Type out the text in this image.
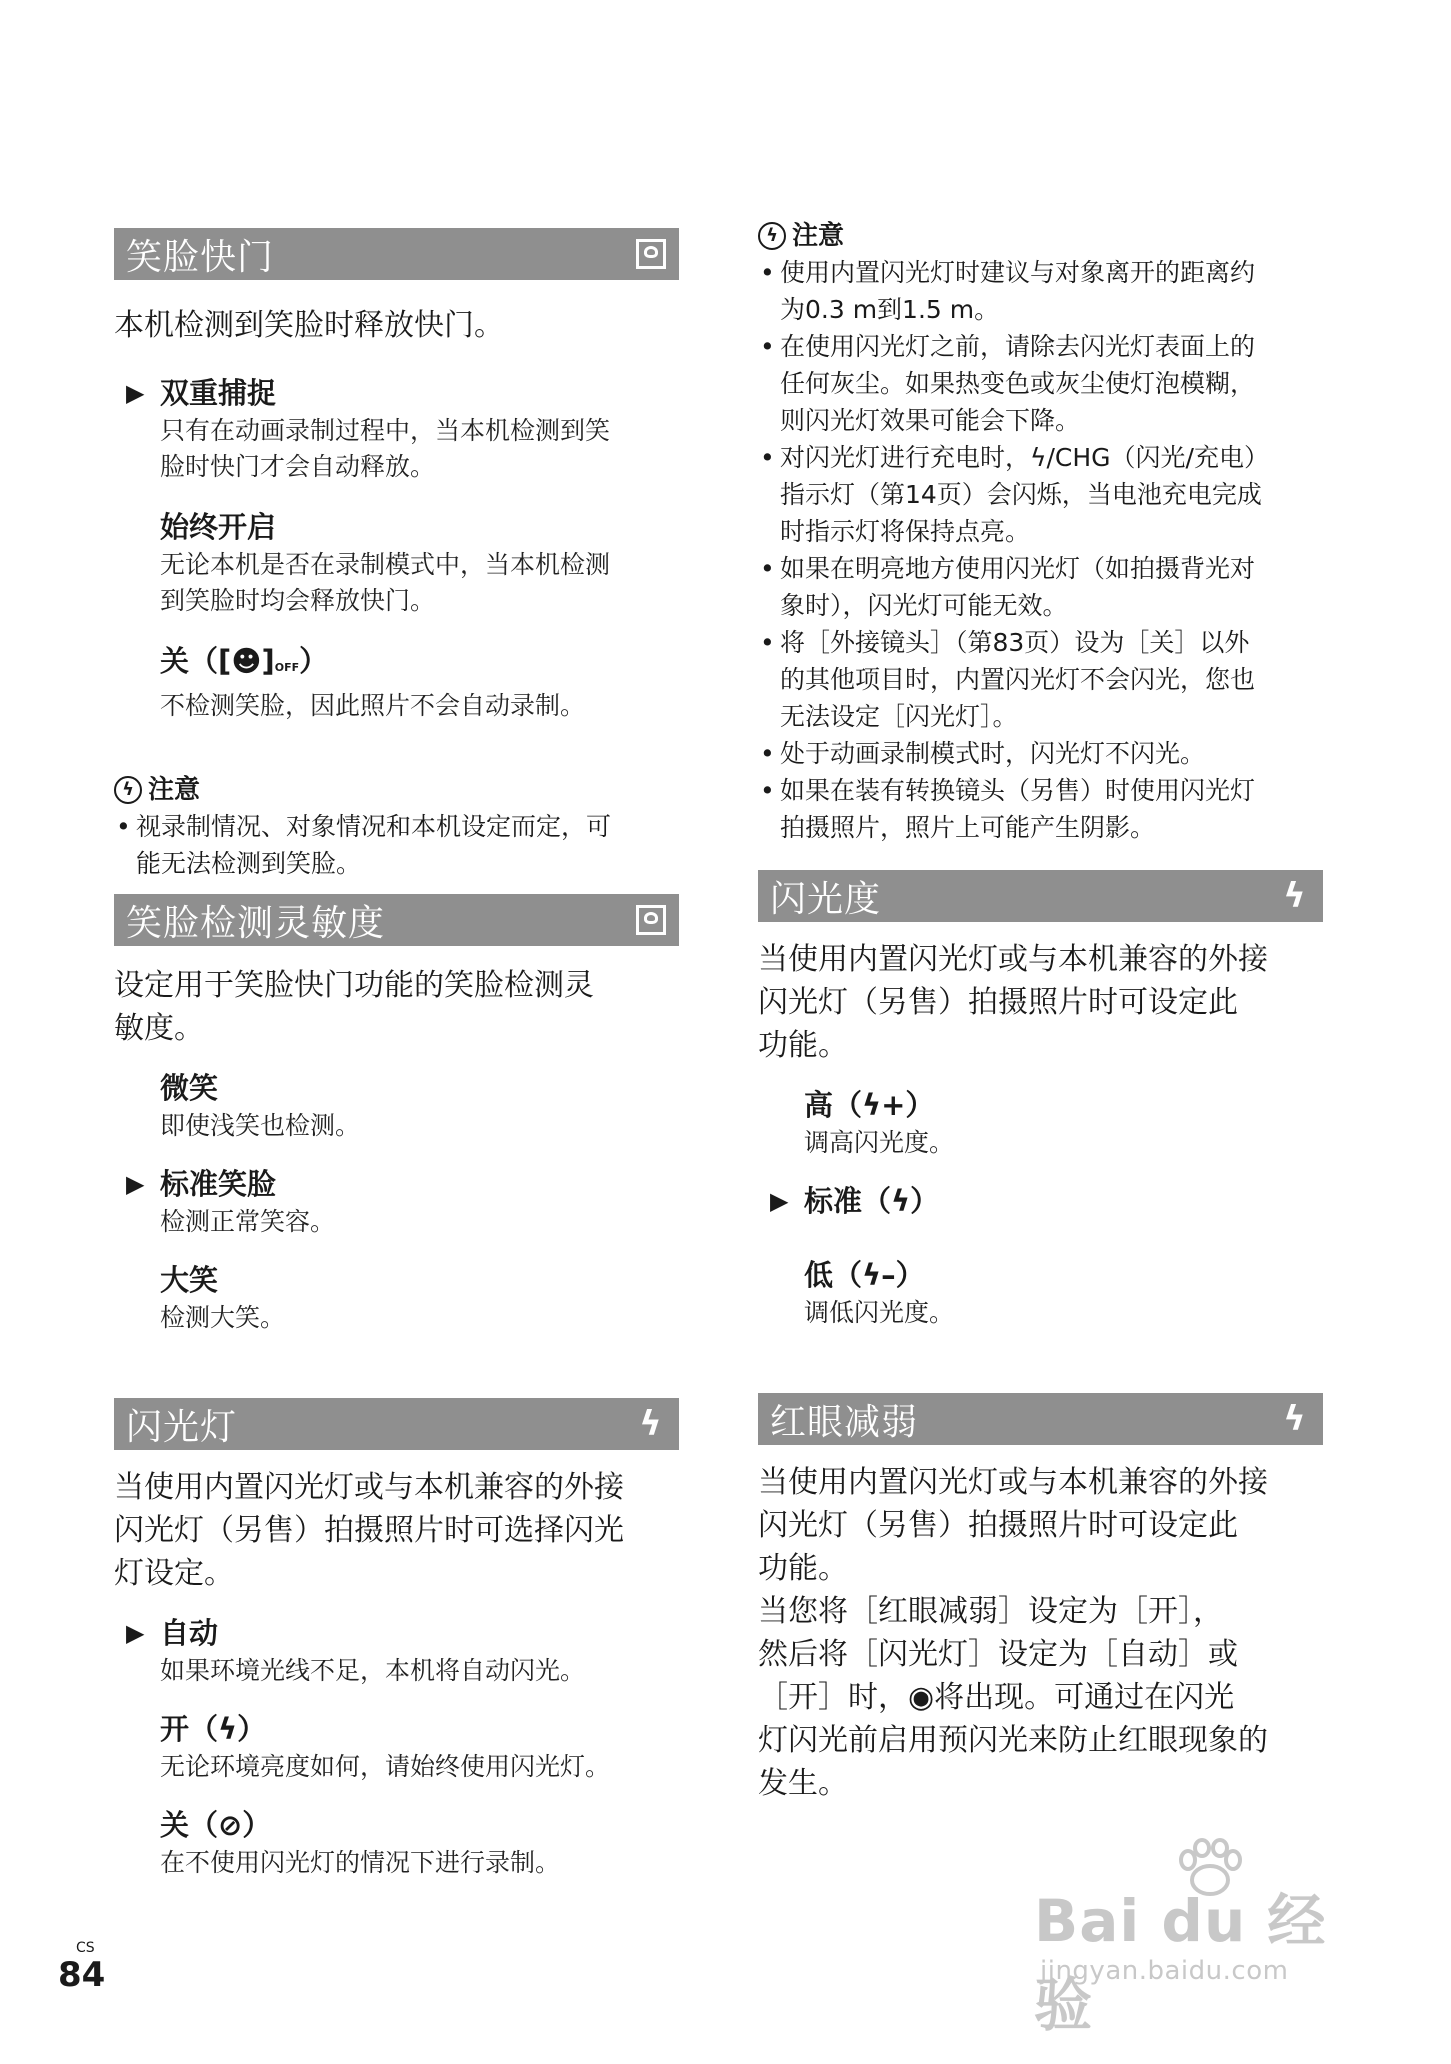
笑脸快门
本机检测到笑脸时释放快门。
▶ 双重捕捉
只有在动画录制过程中，当本机检测到笑
脸时快门才会自动释放。
始终开启
无论本机是否在录制模式中，当本机检测
到笑脸时均会释放快门。
关（[☻]OFF）
不检测笑脸，因此照片不会自动录制。
ϟ 注意
• 视录制情况、对象情况和本机设定而定，可
能无法检测到笑脸。
笑脸检测灵敏度
设定用于笑脸快门功能的笑脸检测灵
敏度。
微笑
即使浅笑也检测。
▶ 标准笑脸
检测正常笑容。
大笑
检测大笑。
闪光灯	ϟ
当使用内置闪光灯或与本机兼容的外接
闪光灯（另售）拍摄照片时可选择闪光
灯设定。
▶ 自动
如果环境光线不足，本机将自动闪光。
开（ϟ）
无论环境亮度如何，请始终使用闪光灯。
关（⊘）
在不使用闪光灯的情况下进行录制。
ϟ 注意
• 使用内置闪光灯时建议与对象离开的距离约
为0.3 m到1.5 m。
• 在使用闪光灯之前，请除去闪光灯表面上的
任何灰尘。如果热变色或灰尘使灯泡模糊，
则闪光灯效果可能会下降。
• 对闪光灯进行充电时，ϟ/CHG（闪光/充电）
指示灯（第14页）会闪烁，当电池充电完成
时指示灯将保持点亮。
• 如果在明亮地方使用闪光灯（如拍摄背光对
象时），闪光灯可能无效。
• 将［外接镜头］（第83页）设为［关］以外
的其他项目时，内置闪光灯不会闪光，您也
无法设定［闪光灯］。
• 处于动画录制模式时，闪光灯不闪光。
• 如果在装有转换镜头（另售）时使用闪光灯
拍摄照片，照片上可能产生阴影。
闪光度	ϟ
当使用内置闪光灯或与本机兼容的外接
闪光灯（另售）拍摄照片时可设定此
功能。
高（ϟ+）
调高闪光度。
▶ 标准（ϟ）
低（ϟ–）
调低闪光度。
红眼减弱	ϟ
当使用内置闪光灯或与本机兼容的外接
闪光灯（另售）拍摄照片时可设定此
功能。
当您将［红眼减弱］设定为［开］，
然后将［闪光灯］设定为［自动］或
［开］时，◉将出现。可通过在闪光
灯闪光前启用预闪光来防止红眼现象的
发生。
CS
84
Bai du 经验
jingyan.baidu.com
